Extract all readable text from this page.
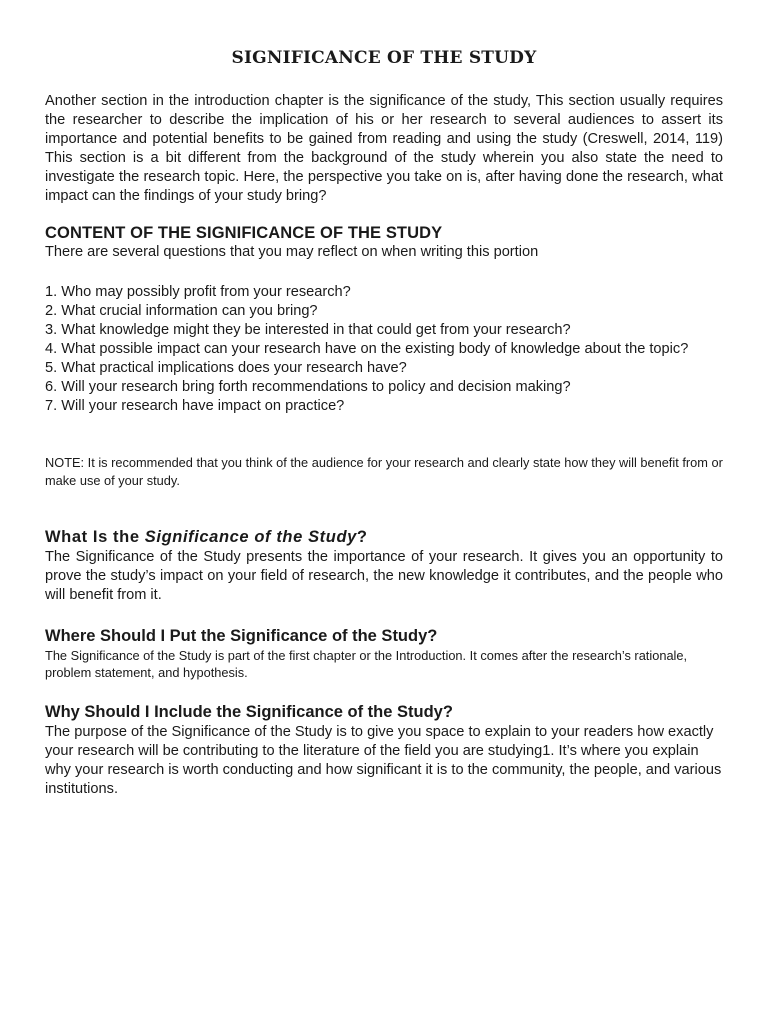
SIGNIFICANCE OF THE STUDY

Another section in the introduction chapter is the significance of the study, This section usually requires the researcher to describe the implication of his or her research to several audiences to assert its importance and potential benefits to be gained from reading and using the study (Creswell, 2014, 119) This section is a bit different from the background of the study wherein you also state the need to investigate the research topic. Here, the perspective you take on is, after having done the research, what impact can the findings of your study bring?

CONTENT OF THE SIGNIFICANCE OF THE STUDY

There are several questions that you may reflect on when writing this portion

1. Who may possibly profit from your research?
2. What crucial information can you bring?
3. What knowledge might they be interested in that could get from your research?
4. What possible impact can your research have on the existing body of knowledge about the topic?
5. What practical implications does your research have?
6. Will your research bring forth recommendations to policy and decision making?
7. Will your research have impact on practice?

NOTE: It is recommended that you think of the audience for your research and clearly state how they will benefit from or make use of your study.

What Is the Significance of the Study?

The Significance of the Study presents the importance of your research. It gives you an opportunity to prove the study’s impact on your field of research, the new knowledge it contributes, and the people who will benefit from it.

Where Should I Put the Significance of the Study?

The Significance of the Study is part of the first chapter or the Introduction. It comes after the research’s rationale, problem statement, and hypothesis.

Why Should I Include the Significance of the Study?

The purpose of the Significance of the Study is to give you space to explain to your readers how exactly your research will be contributing to the literature of the field you are studying1. It’s where you explain why your research is worth conducting and how significant it is to the community, the people, and various institutions.
